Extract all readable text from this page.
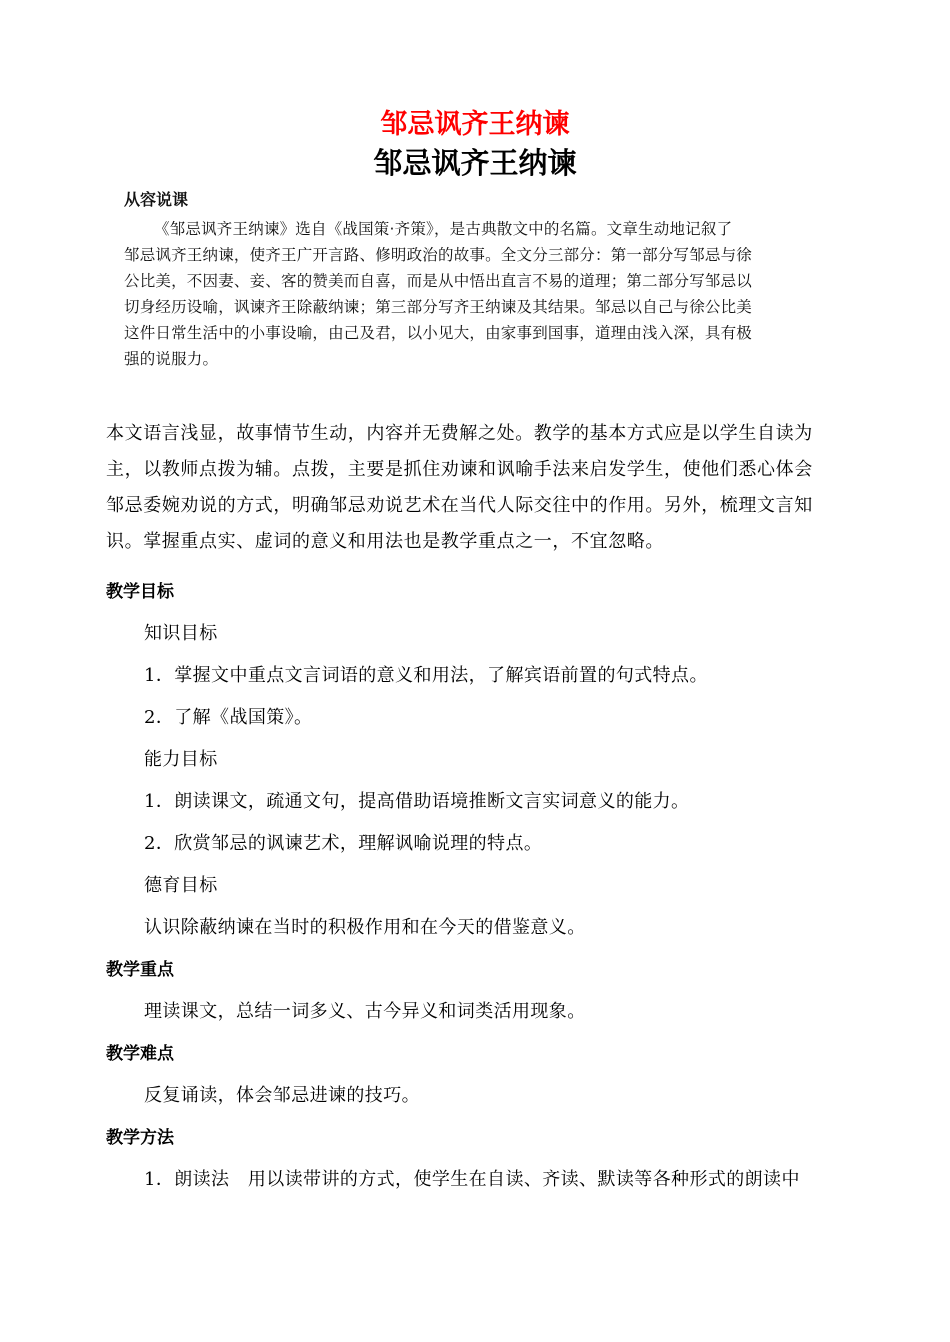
邹忌讽齐王纳谏
邹忌讽齐王纳谏
从容说课
《邹忌讽齐王纳谏》选自《战国策·齐策》，是古典散文中的名篇。文章生动地记叙了
邹忌讽齐王纳谏，使齐王广开言路、修明政治的故事。全文分三部分：第一部分写邹忌与徐
公比美，不因妻、妾、客的赞美而自喜，而是从中悟出直言不易的道理；第二部分写邹忌以
切身经历设喻，讽谏齐王除蔽纳谏；第三部分写齐王纳谏及其结果。邹忌以自己与徐公比美
这件日常生活中的小事设喻，由己及君，以小见大，由家事到国事，道理由浅入深，具有极
强的说服力。
本文语言浅显，故事情节生动，内容并无费解之处。教学的基本方式应是以学生自读为
主，以教师点拨为辅。点拨，主要是抓住劝谏和讽喻手法来启发学生，使他们悉心体会
邹忌委婉劝说的方式，明确邹忌劝说艺术在当代人际交往中的作用。另外，梳理文言知
识。掌握重点实、虚词的意义和用法也是教学重点之一，不宜忽略。
教学目标
知识目标
1．掌握文中重点文言词语的意义和用法，了解宾语前置的句式特点。
2．了解《战国策》。
能力目标
1．朗读课文，疏通文句，提高借助语境推断文言实词意义的能力。
2．欣赏邹忌的讽谏艺术，理解讽喻说理的特点。
德育目标
认识除蔽纳谏在当时的积极作用和在今天的借鉴意义。
教学重点
理读课文，总结一词多义、古今异义和词类活用现象。
教学难点
反复诵读，体会邹忌进谏的技巧。
教学方法
1．朗读法　用以读带讲的方式，使学生在自读、齐读、默读等各种形式的朗读中
